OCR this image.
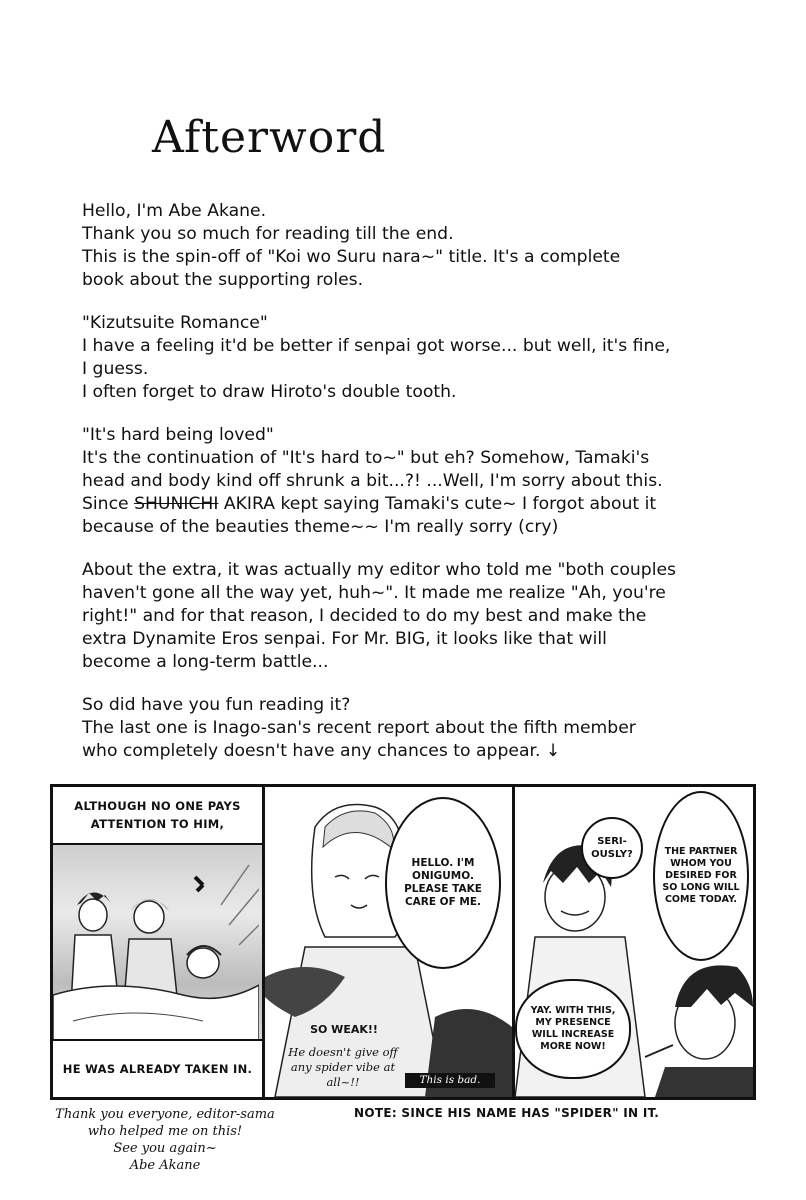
Afterword
Hello, I'm Abe Akane.
Thank you so much for reading till the end.
This is the spin-off of "Koi wo Suru nara~" title. It's a complete
book about the supporting roles.
"Kizutsuite Romance"
I have a feeling it'd be better if senpai got worse... but well, it's fine,
I guess.
I often forget to draw Hiroto's double tooth.
"It's hard being loved"
It's the continuation of "It's hard to~" but eh? Somehow, Tamaki's
head and body kind off shrunk a bit...?! ...Well, I'm sorry about this.
Since SHUNICHI AKIRA kept saying Tamaki's cute~ I forgot about it
because of the beauties theme~~ I'm really sorry (cry)
About the extra, it was actually my editor who told me "both couples
haven't gone all the way yet, huh~". It made me realize "Ah, you're
right!" and for that reason, I decided to do my best and make the
extra Dynamite Eros senpai. For Mr. BIG, it looks like that will
become a long-term battle...
So did have you fun reading it?
The last one is Inago-san's recent report about the fifth member
who completely doesn't have any chances to appear. ↓
ALTHOUGH NO ONE PAYS ATTENTION TO HIM,
HE WAS ALREADY TAKEN IN.
HELLO. I'M ONIGUMO. PLEASE TAKE CARE OF ME.
SO WEAK!!
He doesn't give off any spider vibe at all~!!	This is bad.
SERI-OUSLY?	THE PARTNER WHOM YOU DESIRED FOR SO LONG WILL COME TODAY.
YAY. WITH THIS, MY PRESENCE WILL INCREASE MORE NOW!
Thank you everyone, editor-sama
who helped me on this!
See you again~
Abe Akane
NOTE: SINCE HIS NAME HAS "SPIDER" IN IT.
